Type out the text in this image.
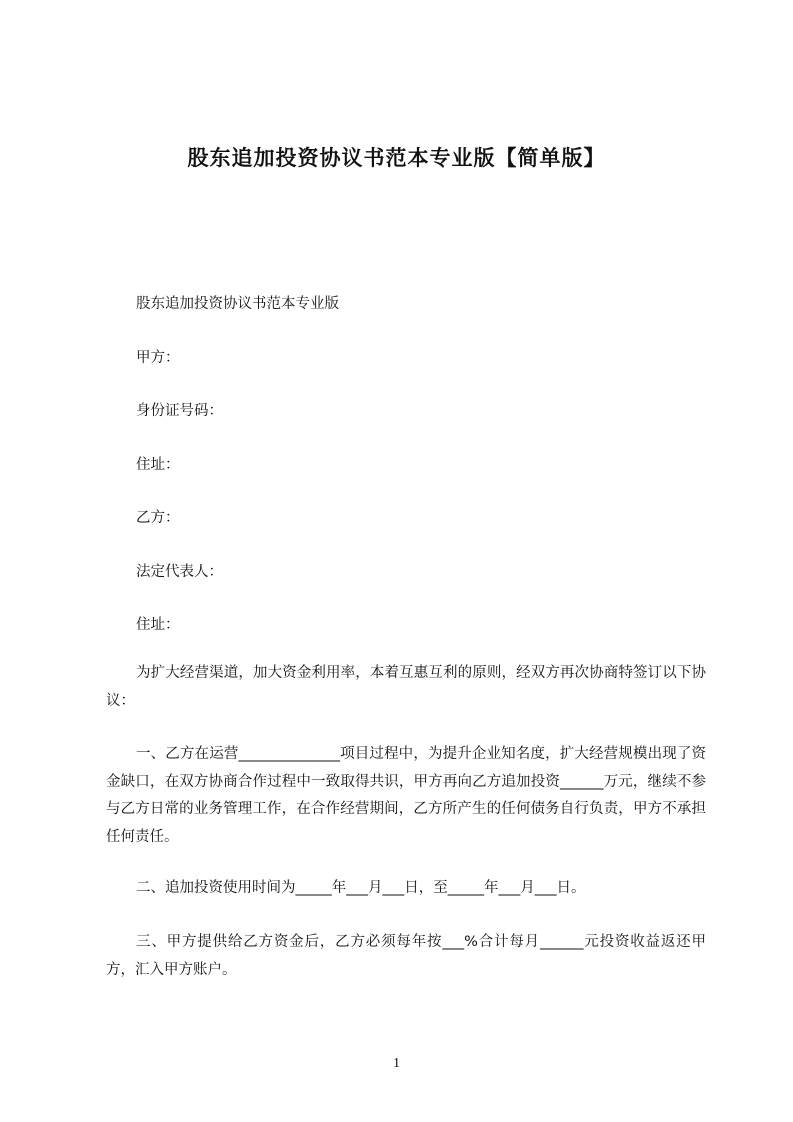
股东追加投资协议书范本专业版【简单版】
股东追加投资协议书范本专业版
甲方：
身份证号码：
住址：
乙方：
法定代表人：
住址：

为扩大经营渠道，加大资金利用率，本着互惠互利的原则，经双方再次协商特签订以下协议：

一、乙方在运营______________项目过程中，为提升企业知名度，扩大经营规模出现了资金缺口，在双方协商合作过程中一致取得共识，甲方再向乙方追加投资______万元，继续不参与乙方日常的业务管理工作，在合作经营期间，乙方所产生的任何债务自行负责，甲方不承担任何责任。

二、追加投资使用时间为_____年___月___日，至_____年___月___日。

三、甲方提供给乙方资金后，乙方必须每年按___%合计每月______元投资收益返还甲方，汇入甲方账户。

1
